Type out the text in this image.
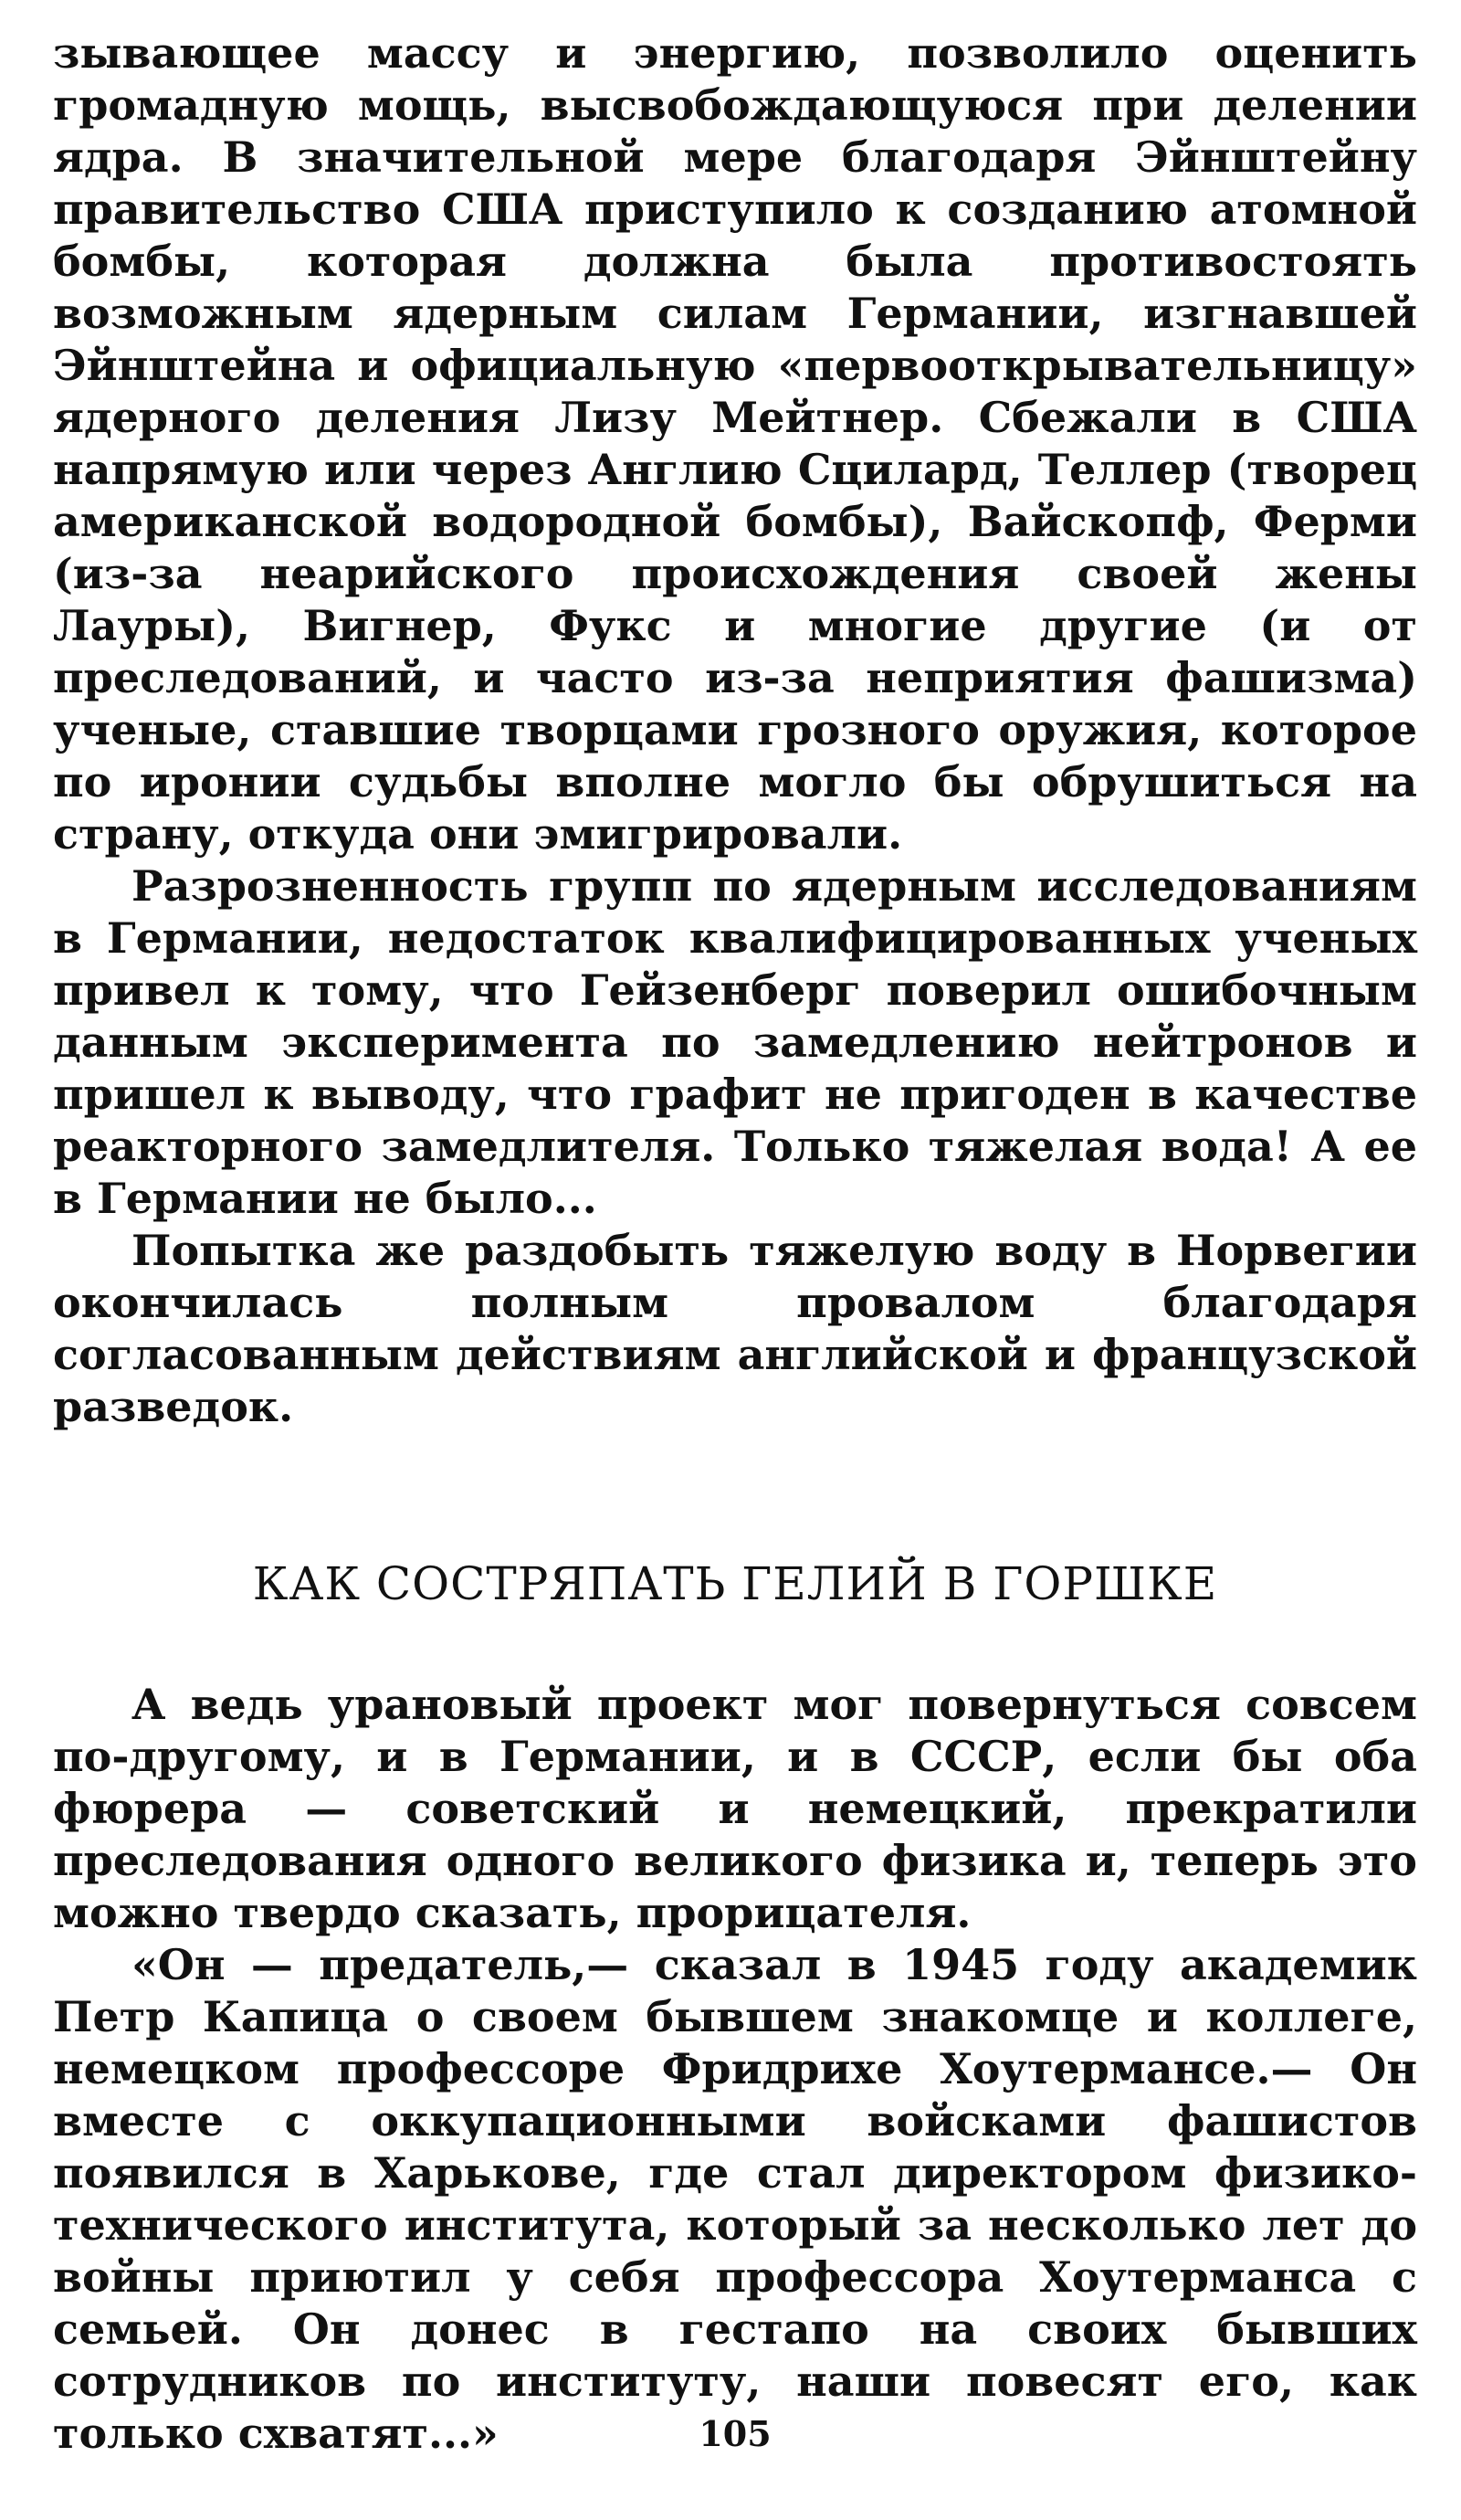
зывающее массу и энергию, позволило оценить громадную мощь, высвобождающуюся при делении ядра. В значительной мере благодаря Эйнштейну правительство США приступило к созданию атомной бомбы, которая должна была противостоять возможным ядерным силам Германии, изгнавшей Эйнштейна и официальную «первооткрывательницу» ядерного деления Лизу Мейтнер. Сбежали в США напрямую или через Англию Сцилард, Теллер (творец американской водородной бомбы), Вайскопф, Ферми (из-за неарийского происхождения своей жены Лауры), Вигнер, Фукс и многие другие (и от преследований, и часто из-за неприятия фашизма) ученые, ставшие творцами грозного оружия, которое по иронии судьбы вполне могло бы обрушиться на страну, откуда они эмигрировали.

Разрозненность групп по ядерным исследованиям в Германии, недостаток квалифицированных ученых привел к тому, что Гейзенберг поверил ошибочным данным эксперимента по замедлению нейтронов и пришел к выводу, что графит не пригоден в качестве реакторного замедлителя. Только тяжелая вода! А ее в Германии не было...

Попытка же раздобыть тяжелую воду в Норвегии окончилась полным провалом благодаря согласованным действиям английской и французской разведок.

КАК СОСТРЯПАТЬ ГЕЛИЙ В ГОРШКЕ

А ведь урановый проект мог повернуться совсем по-другому, и в Германии, и в СССР, если бы оба фюрера — советский и немецкий, прекратили преследования одного великого физика и, теперь это можно твердо сказать, прорицателя.

«Он — предатель,— сказал в 1945 году академик Петр Капица о своем бывшем знакомце и коллеге, немецком профессоре Фридрихе Хоутермансе.— Он вместе с оккупационными войсками фашистов появился в Харькове, где стал директором физико-технического института, который за несколько лет до войны приютил у себя профессора Хоутерманса с семьей. Он донес в гестапо на своих бывших сотрудников по институту, наши повесят его, как только схватят...»	105
